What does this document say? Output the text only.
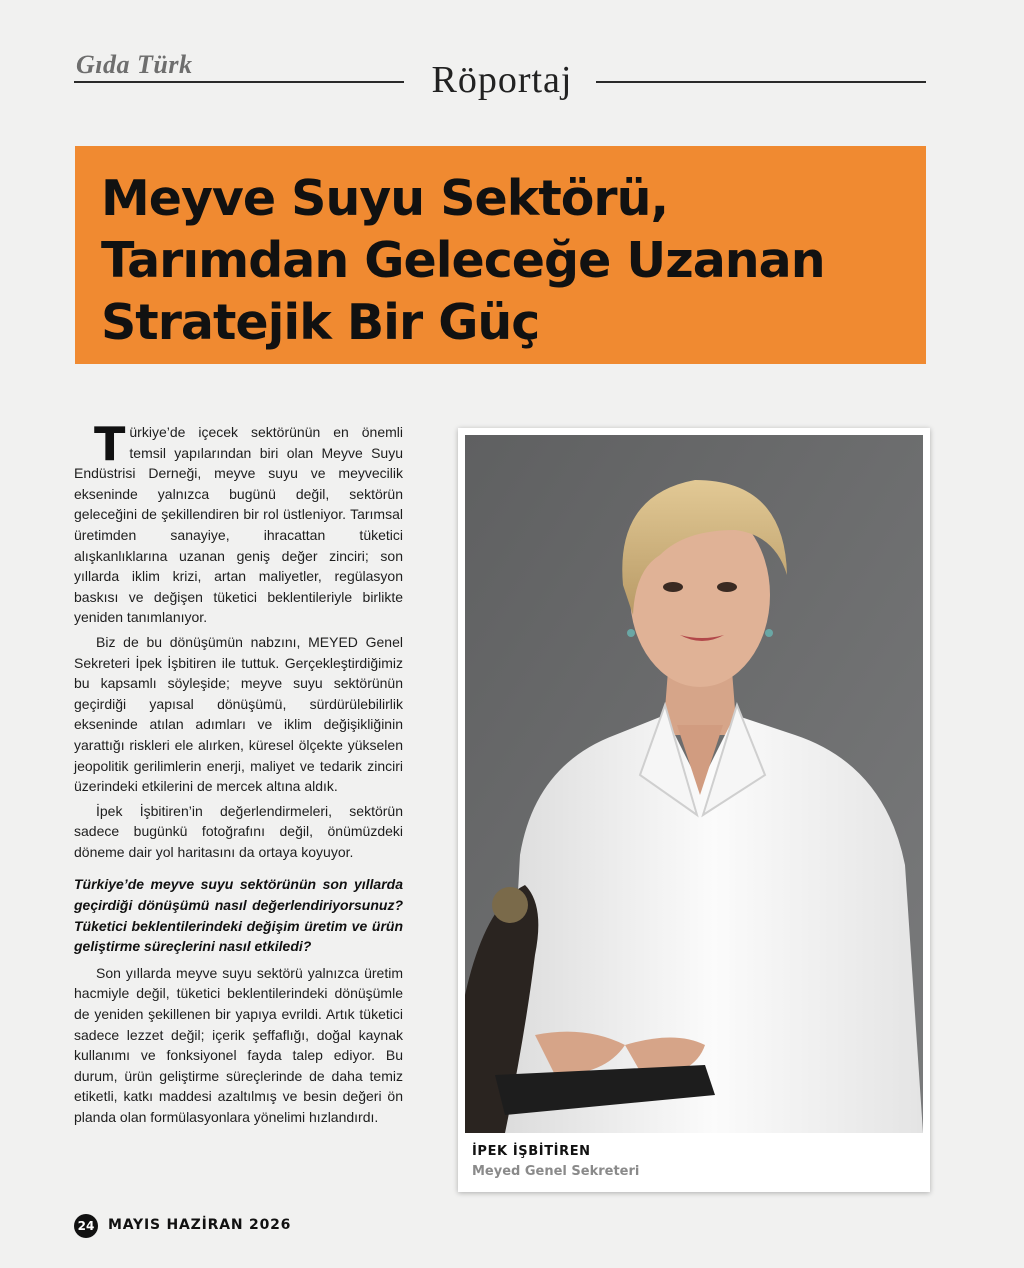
Gıda Türk	Röportaj
Meyve Suyu Sektörü,
Tarımdan Geleceğe Uzanan
Stratejik Bir Güç

Türkiye’de içecek sektörünün en önemli temsil yapılarından biri olan Meyve Suyu Endüstrisi Derneği, meyve suyu ve meyvecilik ekseninde yalnızca bugünü değil, sektörün geleceğini de şekillendiren bir rol üstleniyor. Tarımsal üretimden sanayiye, ihracattan tüketici alışkanlıklarına uzanan geniş değer zinciri; son yıllarda iklim krizi, artan maliyetler, regülasyon baskısı ve değişen tüketici beklentileriyle birlikte yeniden tanımlanıyor.

Biz de bu dönüşümün nabzını, MEYED Genel Sekreteri İpek İşbitiren ile tuttuk. Gerçekleştirdiğimiz bu kapsamlı söyleşide; meyve suyu sektörünün geçirdiği yapısal dönüşümü, sürdürülebilirlik ekseninde atılan adımları ve iklim değişikliğinin yarattığı riskleri ele alırken, küresel ölçekte yükselen jeopolitik gerilimlerin enerji, maliyet ve tedarik zinciri üzerindeki etkilerini de mercek altına aldık.

İpek İşbitiren’in değerlendirmeleri, sektörün sadece bugünkü fotoğrafını değil, önümüzdeki döneme dair yol haritasını da ortaya koyuyor.

Türkiye’de meyve suyu sektörünün son yıllarda geçirdiği dönüşümü nasıl değerlendiriyorsunuz? Tüketici beklentilerindeki değişim üretim ve ürün geliştirme süreçlerini nasıl etkiledi?

Son yıllarda meyve suyu sektörü yalnızca üretim hacmiyle değil, tüketici beklentilerindeki dönüşümle de yeniden şekillenen bir yapıya evrildi. Artık tüketici sadece lezzet değil; içerik şeffaflığı, doğal kaynak kullanımı ve fonksiyonel fayda talep ediyor. Bu durum, ürün geliştirme süreçlerinde de daha temiz etiketli, katkı maddesi azaltılmış ve besin değeri ön planda olan formülasyonlara yönelimi hızlandırdı.

İPEK İŞBİTİREN
Meyed Genel Sekreteri
24 MAYIS HAZİRAN 2026
